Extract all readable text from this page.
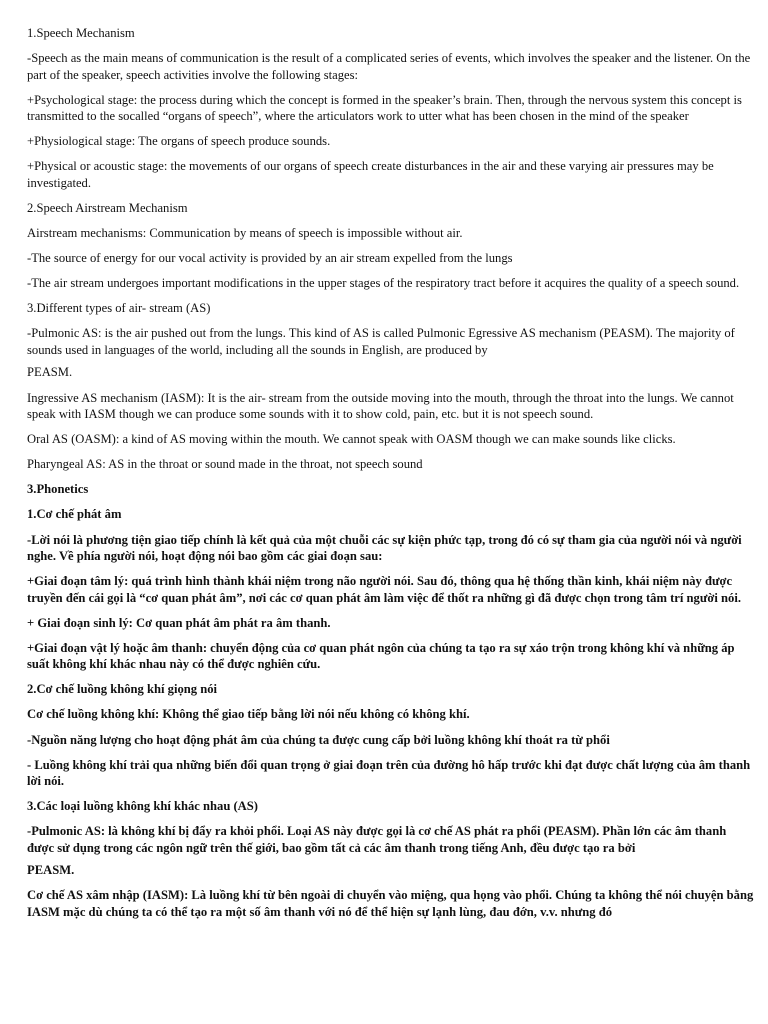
1.Speech Mechanism

-Speech as the main means of communication is the result of a complicated series of events, which involves the speaker and the listener. On the part of the speaker, speech activities involve the following stages:

+Psychological stage: the process during which the concept is formed in the speaker’s brain. Then, through the nervous system this concept is transmitted to the socalled “organs of speech”, where the articulators work to utter what has been chosen in the mind of the speaker

+Physiological stage: The organs of speech produce sounds.

+Physical or acoustic stage: the movements of our organs of speech create disturbances in the air and these varying air pressures may be investigated.

2.Speech Airstream Mechanism

Airstream mechanisms: Communication by means of speech is impossible without air.

-The source of energy for our vocal activity is provided by an air stream expelled from the lungs

-The air stream undergoes important modifications in the upper stages of the respiratory tract before it acquires the quality of a speech sound.

3.Different types of air- stream (AS)

-Pulmonic AS: is the air pushed out from the lungs. This kind of AS is called Pulmonic Egressive AS mechanism (PEASM). The majority of sounds used in languages of the world, including all the sounds in English, are produced by

PEASM.

Ingressive AS mechanism (IASM): It is the air- stream from the outside moving into the mouth, through the throat into the lungs. We cannot speak with IASM though we can produce some sounds with it to show cold, pain, etc. but it is not speech sound.

Oral AS (OASM): a kind of AS moving within the mouth. We cannot speak with OASM though we can make sounds like clicks.

Pharyngeal AS: AS in the throat or sound made in the throat, not speech sound

3.Phonetics

1.Cơ chế phát âm

-Lời nói là phương tiện giao tiếp chính là kết quả của một chuỗi các sự kiện phức tạp, trong đó có sự tham gia của người nói và người nghe. Về phía người nói, hoạt động nói bao gồm các giai đoạn sau:

+Giai đoạn tâm lý: quá trình hình thành khái niệm trong não người nói. Sau đó, thông qua hệ thống thần kinh, khái niệm này được truyền đến cái gọi là “cơ quan phát âm”, nơi các cơ quan phát âm làm việc để thốt ra những gì đã được chọn trong tâm trí người nói.

+ Giai đoạn sinh lý: Cơ quan phát âm phát ra âm thanh.

+Giai đoạn vật lý hoặc âm thanh: chuyển động của cơ quan phát ngôn của chúng ta tạo ra sự xáo trộn trong không khí và những áp suất không khí khác nhau này có thể được nghiên cứu.

2.Cơ chế luồng không khí giọng nói

Cơ chế luồng không khí: Không thể giao tiếp bằng lời nói nếu không có không khí.

-Nguồn năng lượng cho hoạt động phát âm của chúng ta được cung cấp bởi luồng không khí thoát ra từ phổi

- Luồng không khí trải qua những biến đổi quan trọng ở giai đoạn trên của đường hô hấp trước khi đạt được chất lượng của âm thanh lời nói.

3.Các loại luồng không khí khác nhau (AS)

-Pulmonic AS: là không khí bị đẩy ra khỏi phổi. Loại AS này được gọi là cơ chế AS phát ra phổi (PEASM). Phần lớn các âm thanh được sử dụng trong các ngôn ngữ trên thế giới, bao gồm tất cả các âm thanh trong tiếng Anh, đều được tạo ra bởi

PEASM.

Cơ chế AS xâm nhập (IASM): Là luồng khí từ bên ngoài di chuyển vào miệng, qua họng vào phổi. Chúng ta không thể nói chuyện bằng IASM mặc dù chúng ta có thể tạo ra một số âm thanh với nó để thể hiện sự lạnh lùng, đau đớn, v.v. nhưng đó
